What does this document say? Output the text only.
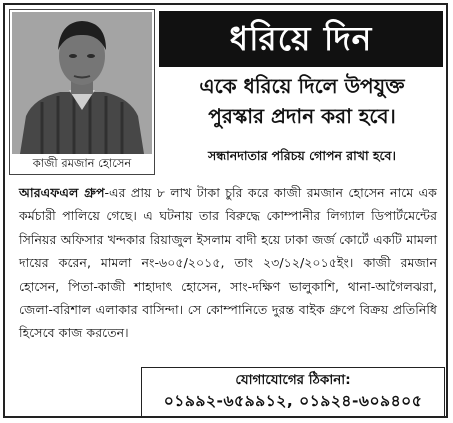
কাজী রমজান হোসেন
ধরিয়ে দিন
একে ধরিয়ে দিলে উপযুক্ত
পুরস্কার প্রদান করা হবে।
সন্ধানদাতার পরিচয় গোপন রাখা হবে।
আরএফএল গ্রুপ-এর প্রায় ৮ লাখ টাকা চুরি করে কাজী রমজান হোসেন নামে এক কর্মচারী পালিয়ে গেছে। এ ঘটনায় তার বিরুদ্ধে কোম্পানীর লিগ্যাল ডিপার্টমেন্টের সিনিয়র অফিসার খন্দকার রিয়াজুল ইসলাম বাদী হয়ে ঢাকা জর্জ কোর্টে একটি মামলা দায়ের করেন, মামলা নং-৬০৫/২০১৫, তাং ২৩/১২/২০১৫ইং। কাজী রমজান হোসেন, পিতা-কাজী শাহাদাৎ হোসেন, সাং-দক্ষিণ ভালুকাশি, থানা-আগৈলঝরা, জেলা-বরিশাল এলাকার বাসিন্দা। সে কোম্পানিতে দুরন্ত বাইক গ্রুপে বিক্রয় প্রতিনিধি হিসেবে কাজ করতেন।
যোগাযোগের ঠিকানা:
০১৯৯২-৬৫৯৯১২, ০১৯২৪-৬০৯৪০৫
